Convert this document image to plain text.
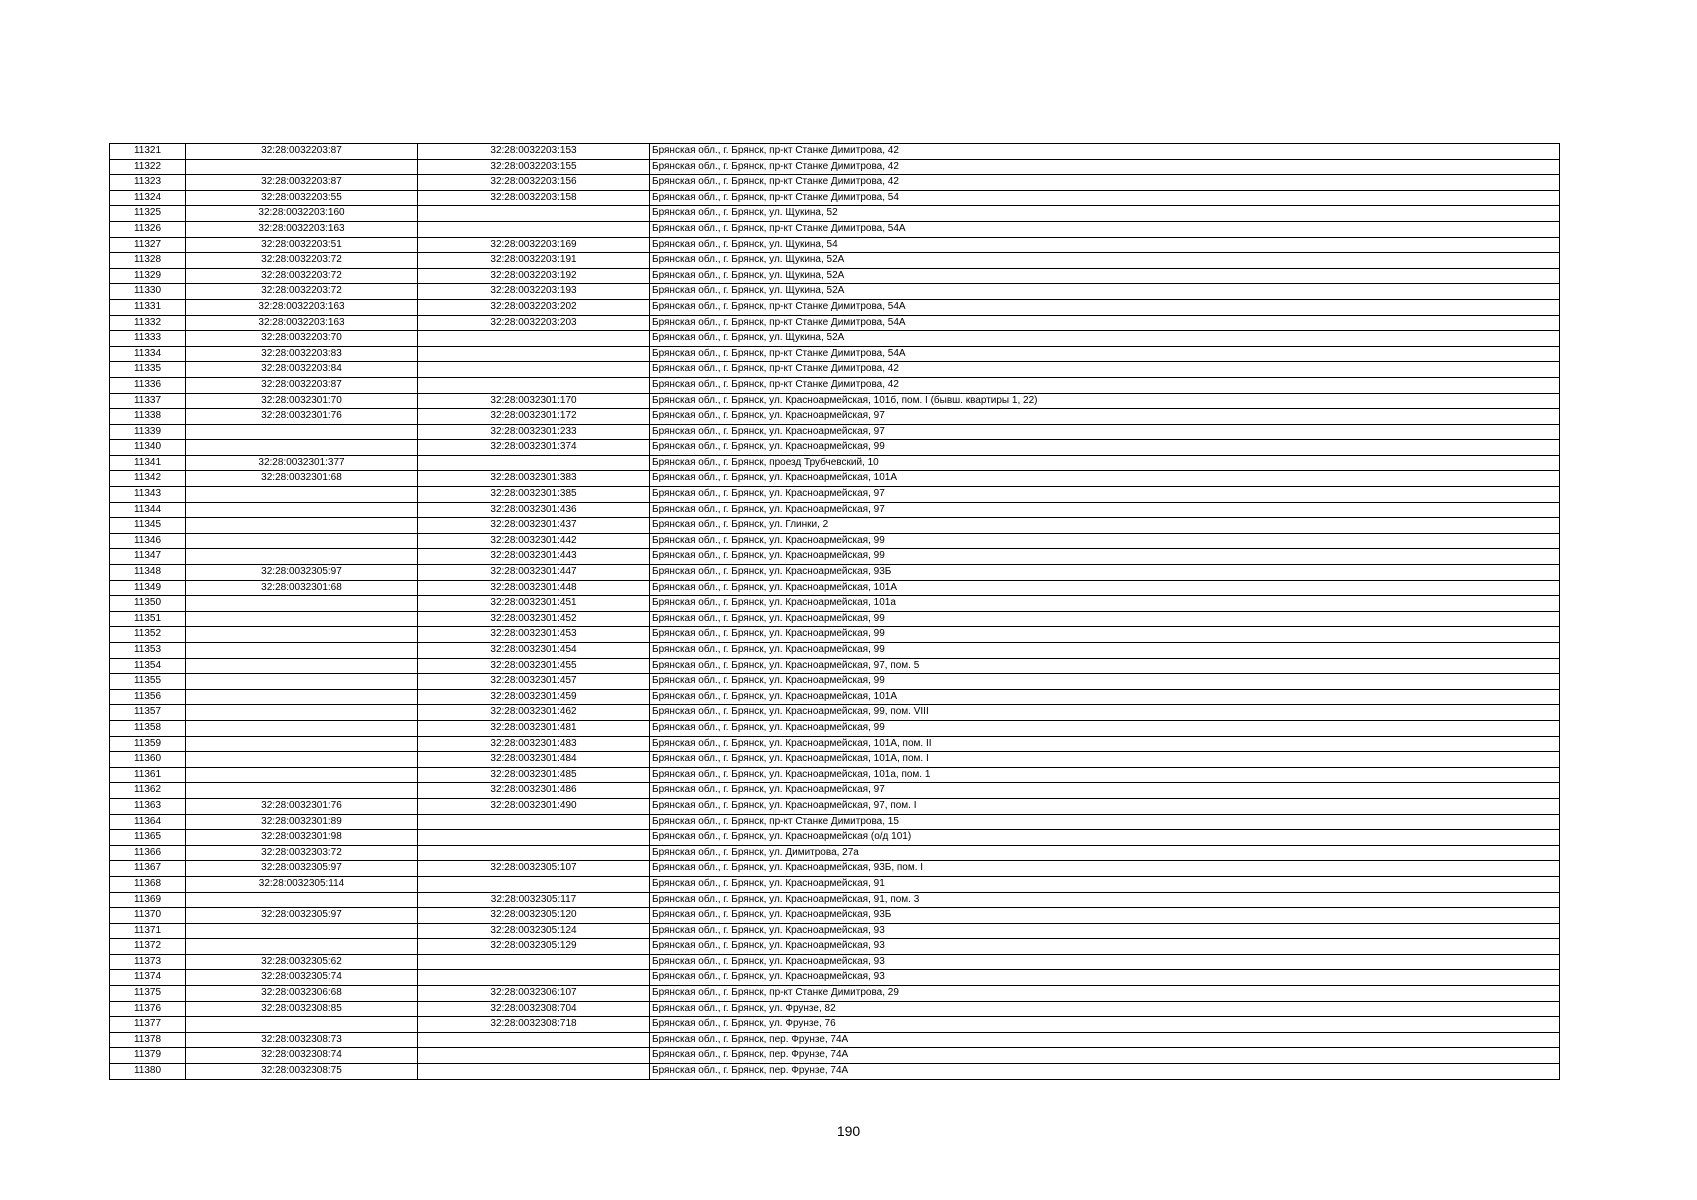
11321	32:28:0032203:87	32:28:0032203:153	Брянская обл., г. Брянск, пр-кт Станке Димитрова, 42
11322		32:28:0032203:155	Брянская обл., г. Брянск, пр-кт Станке Димитрова, 42
11323	32:28:0032203:87	32:28:0032203:156	Брянская обл., г. Брянск, пр-кт Станке Димитрова, 42
11324	32:28:0032203:55	32:28:0032203:158	Брянская обл., г. Брянск, пр-кт Станке Димитрова, 54
11325	32:28:0032203:160		Брянская обл., г. Брянск, ул. Щукина, 52
11326	32:28:0032203:163		Брянская обл., г. Брянск, пр-кт Станке Димитрова, 54А
11327	32:28:0032203:51	32:28:0032203:169	Брянская обл., г. Брянск, ул. Щукина, 54
11328	32:28:0032203:72	32:28:0032203:191	Брянская обл., г. Брянск, ул. Щукина, 52А
11329	32:28:0032203:72	32:28:0032203:192	Брянская обл., г. Брянск, ул. Щукина, 52А
11330	32:28:0032203:72	32:28:0032203:193	Брянская обл., г. Брянск, ул. Щукина, 52А
11331	32:28:0032203:163	32:28:0032203:202	Брянская обл., г. Брянск, пр-кт Станке Димитрова, 54А
11332	32:28:0032203:163	32:28:0032203:203	Брянская обл., г. Брянск, пр-кт Станке Димитрова, 54А
11333	32:28:0032203:70		Брянская обл., г. Брянск, ул. Щукина, 52А
11334	32:28:0032203:83		Брянская обл., г. Брянск, пр-кт Станке Димитрова, 54А
11335	32:28:0032203:84		Брянская обл., г. Брянск, пр-кт Станке Димитрова, 42
11336	32:28:0032203:87		Брянская обл., г. Брянск, пр-кт Станке Димитрова, 42
11337	32:28:0032301:70	32:28:0032301:170	Брянская обл., г. Брянск, ул. Красноармейская, 101б, пом. I (бывш. квартиры 1, 22)
11338	32:28:0032301:76	32:28:0032301:172	Брянская обл., г. Брянск, ул. Красноармейская, 97
11339		32:28:0032301:233	Брянская обл., г. Брянск, ул. Красноармейская, 97
11340		32:28:0032301:374	Брянская обл., г. Брянск, ул. Красноармейская, 99
11341	32:28:0032301:377		Брянская обл., г. Брянск, проезд Трубчевский, 10
11342	32:28:0032301:68	32:28:0032301:383	Брянская обл., г. Брянск, ул. Красноармейская, 101А
11343		32:28:0032301:385	Брянская обл., г. Брянск, ул. Красноармейская, 97
11344		32:28:0032301:436	Брянская обл., г. Брянск, ул. Красноармейская, 97
11345		32:28:0032301:437	Брянская обл., г. Брянск, ул. Глинки, 2
11346		32:28:0032301:442	Брянская обл., г. Брянск, ул. Красноармейская, 99
11347		32:28:0032301:443	Брянская обл., г. Брянск, ул. Красноармейская, 99
11348	32:28:0032305:97	32:28:0032301:447	Брянская обл., г. Брянск, ул. Красноармейская, 93Б
11349	32:28:0032301:68	32:28:0032301:448	Брянская обл., г. Брянск, ул. Красноармейская, 101А
11350		32:28:0032301:451	Брянская обл., г. Брянск, ул. Красноармейская, 101а
11351		32:28:0032301:452	Брянская обл., г. Брянск, ул. Красноармейская, 99
11352		32:28:0032301:453	Брянская обл., г. Брянск, ул. Красноармейская, 99
11353		32:28:0032301:454	Брянская обл., г. Брянск, ул. Красноармейская, 99
11354		32:28:0032301:455	Брянская обл., г. Брянск, ул. Красноармейская, 97, пом. 5
11355		32:28:0032301:457	Брянская обл., г. Брянск, ул. Красноармейская, 99
11356		32:28:0032301:459	Брянская обл., г. Брянск, ул. Красноармейская, 101А
11357		32:28:0032301:462	Брянская обл., г. Брянск, ул. Красноармейская, 99, пом. VIII
11358		32:28:0032301:481	Брянская обл., г. Брянск, ул. Красноармейская, 99
11359		32:28:0032301:483	Брянская обл., г. Брянск, ул. Красноармейская, 101А, пом. II
11360		32:28:0032301:484	Брянская обл., г. Брянск, ул. Красноармейская, 101А, пом. I
11361		32:28:0032301:485	Брянская обл., г. Брянск, ул. Красноармейская, 101а, пом. 1
11362		32:28:0032301:486	Брянская обл., г. Брянск, ул. Красноармейская, 97
11363	32:28:0032301:76	32:28:0032301:490	Брянская обл., г. Брянск, ул. Красноармейская, 97, пом. I
11364	32:28:0032301:89		Брянская обл., г. Брянск, пр-кт Станке Димитрова, 15
11365	32:28:0032301:98		Брянская обл., г. Брянск, ул. Красноармейская (о/д 101)
11366	32:28:0032303:72		Брянская обл., г. Брянск, ул. Димитрова, 27а
11367	32:28:0032305:97	32:28:0032305:107	Брянская обл., г. Брянск, ул. Красноармейская, 93Б, пом. I
11368	32:28:0032305:114		Брянская обл., г. Брянск, ул. Красноармейская, 91
11369		32:28:0032305:117	Брянская обл., г. Брянск, ул. Красноармейская, 91, пом. 3
11370	32:28:0032305:97	32:28:0032305:120	Брянская обл., г. Брянск, ул. Красноармейская, 93Б
11371		32:28:0032305:124	Брянская обл., г. Брянск, ул. Красноармейская, 93
11372		32:28:0032305:129	Брянская обл., г. Брянск, ул. Красноармейская, 93
11373	32:28:0032305:62		Брянская обл., г. Брянск, ул. Красноармейская, 93
11374	32:28:0032305:74		Брянская обл., г. Брянск, ул. Красноармейская, 93
11375	32:28:0032306:68	32:28:0032306:107	Брянская обл., г. Брянск, пр-кт Станке Димитрова, 29
11376	32:28:0032308:85	32:28:0032308:704	Брянская обл., г. Брянск, ул. Фрунзе, 82
11377		32:28:0032308:718	Брянская обл., г. Брянск, ул. Фрунзе, 76
11378	32:28:0032308:73		Брянская обл., г. Брянск, пер. Фрунзе, 74А
11379	32:28:0032308:74		Брянская обл., г. Брянск, пер. Фрунзе, 74А
11380	32:28:0032308:75		Брянская обл., г. Брянск, пер. Фрунзе, 74А
190
